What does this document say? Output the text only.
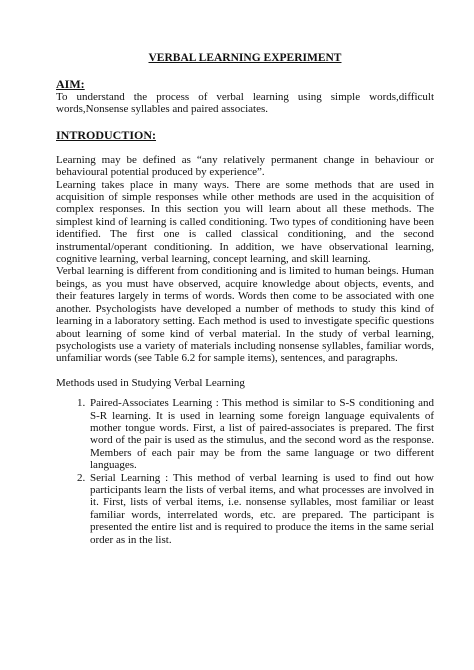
VERBAL LEARNING EXPERIMENT
AIM:

To understand the process of verbal learning using simple words,difficult words,Nonsense syllables and paired associates.

INTRODUCTION:

Learning may be defined as “any relatively permanent change in behaviour or behavioural potential produced by experience”.

Learning takes place in many ways. There are some methods that are used in acquisition of simple responses while other methods are used in the acquisition of complex responses. In this section you will learn about all these methods. The simplest kind of learning is called conditioning. Two types of conditioning have been identified. The first one is called classical conditioning, and the second instrumental/operant conditioning. In addition, we have observational learning, cognitive learning, verbal learning, concept learning, and skill learning.

Verbal learning is different from conditioning and is limited to human beings. Human beings, as you must have observed, acquire knowledge about objects, events, and their features largely in terms of words. Words then come to be associated with one another. Psychologists have developed a number of methods to study this kind of learning in a laboratory setting. Each method is used to investigate specific questions about learning of some kind of verbal material. In the study of verbal learning, psychologists use a variety of materials including nonsense syllables, familiar words, unfamiliar words (see Table 6.2 for sample items), sentences, and paragraphs.

Methods used in Studying Verbal Learning

1. Paired-Associates Learning : This method is similar to S-S conditioning and S-R learning. It is used in learning some foreign language equivalents of mother tongue words. First, a list of paired-associates is prepared. The first word of the pair is used as the stimulus, and the second word as the response. Members of each pair may be from the same language or two different languages.
2. Serial Learning : This method of verbal learning is used to find out how participants learn the lists of verbal items, and what processes are involved in it. First, lists of verbal items, i.e. nonsense syllables, most familiar or least familiar words, interrelated words, etc. are prepared. The participant is presented the entire list and is required to produce the items in the same serial order as in the list.
